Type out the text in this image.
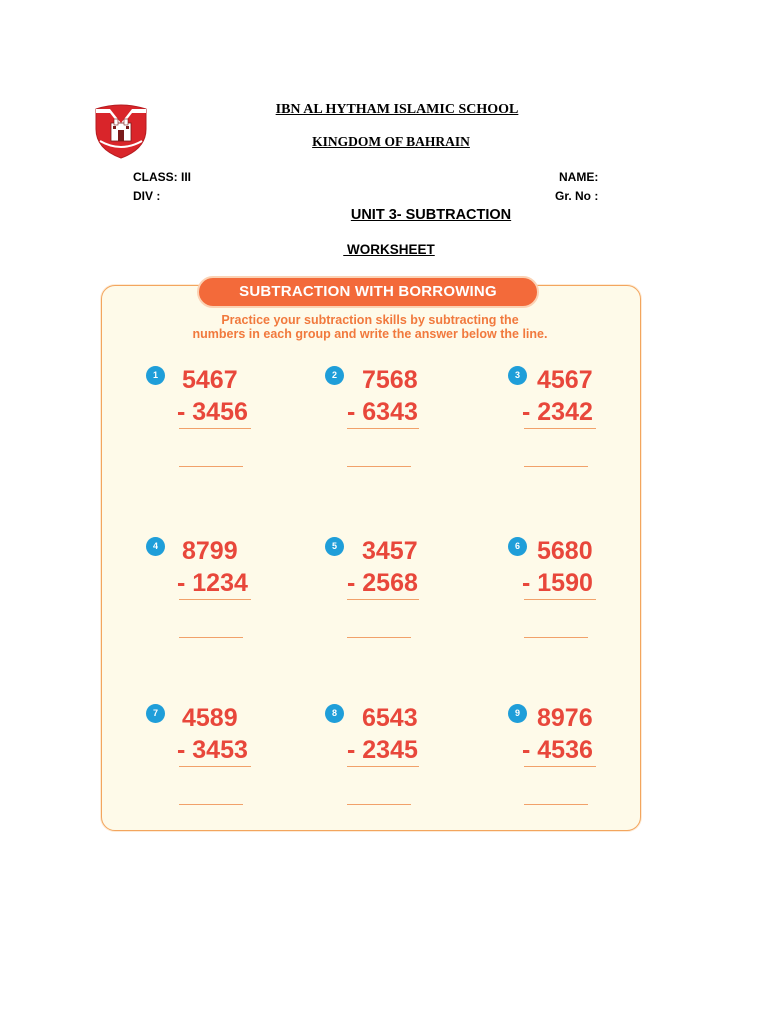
IBN AL HYTHAM ISLAMIC SCHOOL
KINGDOM OF BAHRAIN
CLASS: III
DIV :
NAME:
Gr. No :
UNIT 3- SUBTRACTION
WORKSHEET
SUBTRACTION WITH BORROWING
Practice your subtraction skills by subtracting the
numbers in each group and write the answer below the line.
1 5467
- 3456
2 7568
- 6343
3 4567
- 2342
4 8799
- 1234
5 3457
- 2568
6 5680
- 1590
7 4589
- 3453
8 6543
- 2345
9 8976
- 4536
